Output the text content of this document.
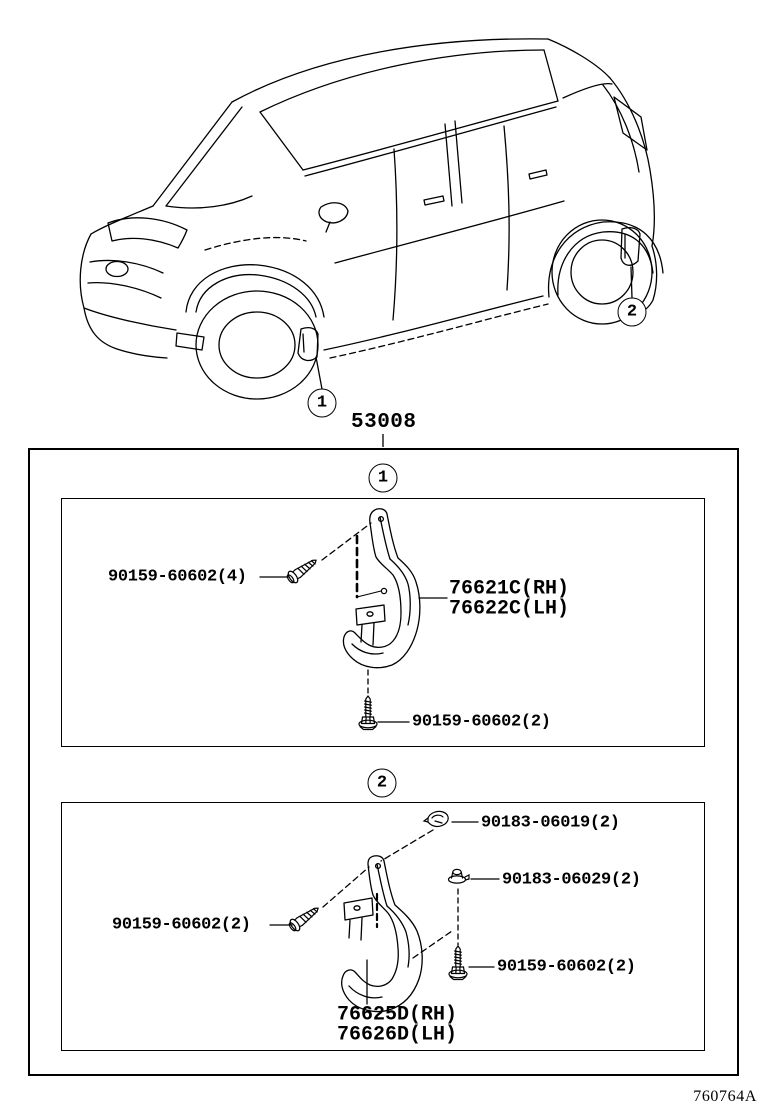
1
2
1
2
53008
90159-60602(4)
76621C(RH)
76622C(LH)
90159-60602(2)
90183-06019(2)
90183-06029(2)
90159-60602(2)
90159-60602(2)
76625D(RH)
76626D(LH)
760764A
